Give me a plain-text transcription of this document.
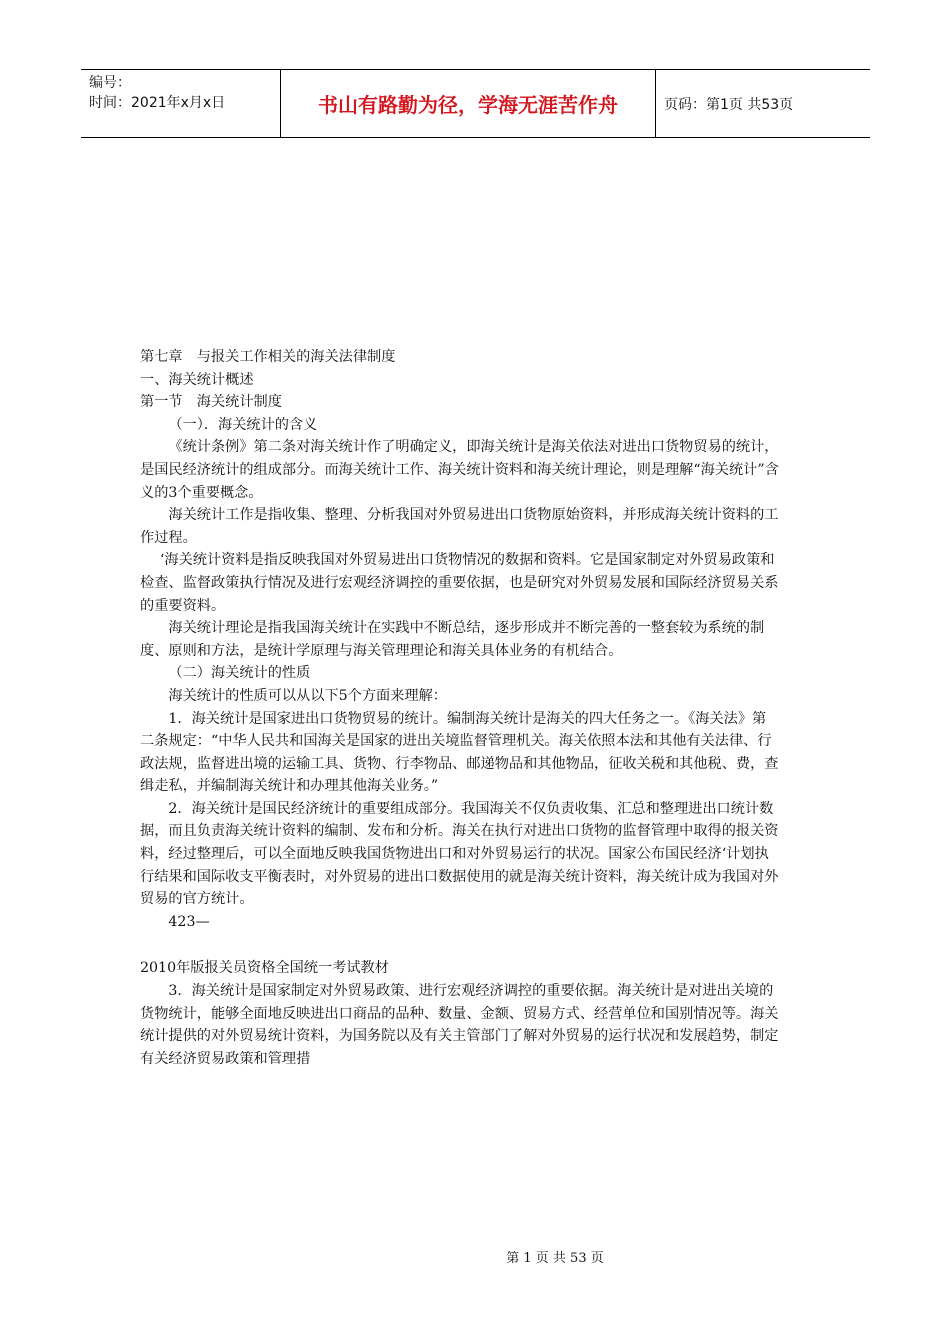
编号：
时间：2021年x月x日	书山有路勤为径，学海无涯苦作舟	页码：第1页 共53页

第七章　与报关工作相关的海关法律制度

一、海关统计概述

第一节　海关统计制度

（一）．海关统计的含义

《统计条例》第二条对海关统计作了明确定义，即海关统计是海关依法对进出口货物贸易的统计，是国民经济统计的组成部分。而海关统计工作、海关统计资料和海关统计理论，则是理解“海关统计”含义的3个重要概念。

海关统计工作是指收集、整理、分析我国对外贸易进出口货物原始资料，并形成海关统计资料的工作过程。

‘海关统计资料是指反映我国对外贸易进出口货物情况的数据和资料。它是国家制定对外贸易政策和检查、监督政策执行情况及进行宏观经济调控的重要依据，也是研究对外贸易发展和国际经济贸易关系的重要资料。

海关统计理论是指我国海关统计在实践中不断总结，逐步形成并不断完善的一整套较为系统的制度、原则和方法，是统计学原理与海关管理理论和海关具体业务的有机结合。

（二）海关统计的性质

海关统计的性质可以从以下5个方面来理解：

1．海关统计是国家进出口货物贸易的统计。编制海关统计是海关的四大任务之一。《海关法》第二条规定：“中华人民共和国海关是国家的进出关境监督管理机关。海关依照本法和其他有关法律、行政法规，监督进出境的运输工具、货物、行李物品、邮递物品和其他物品，征收关税和其他税、费，查缉走私，并编制海关统计和办理其他海关业务。”

2．海关统计是国民经济统计的重要组成部分。我国海关不仅负责收集、汇总和整理进出口统计数据，而且负责海关统计资料的编制、发布和分析。海关在执行对进出口货物的监督管理中取得的报关资料，经过整理后，可以全面地反映我国货物进出口和对外贸易运行的状况。国家公布国民经济‘计划执行结果和国际收支平衡表时，对外贸易的进出口数据使用的就是海关统计资料，海关统计成为我国对外贸易的官方统计。

423—

2010年版报关员资格全国统一考试教材

3．海关统计是国家制定对外贸易政策、进行宏观经济调控的重要依据。海关统计是对进出关境的货物统计，能够全面地反映进出口商品的品种、数量、金额、贸易方式、经营单位和国别情况等。海关统计提供的对外贸易统计资料，为国务院以及有关主管部门了解对外贸易的运行状况和发展趋势，制定有关经济贸易政策和管理措

第 1 页 共 53 页
